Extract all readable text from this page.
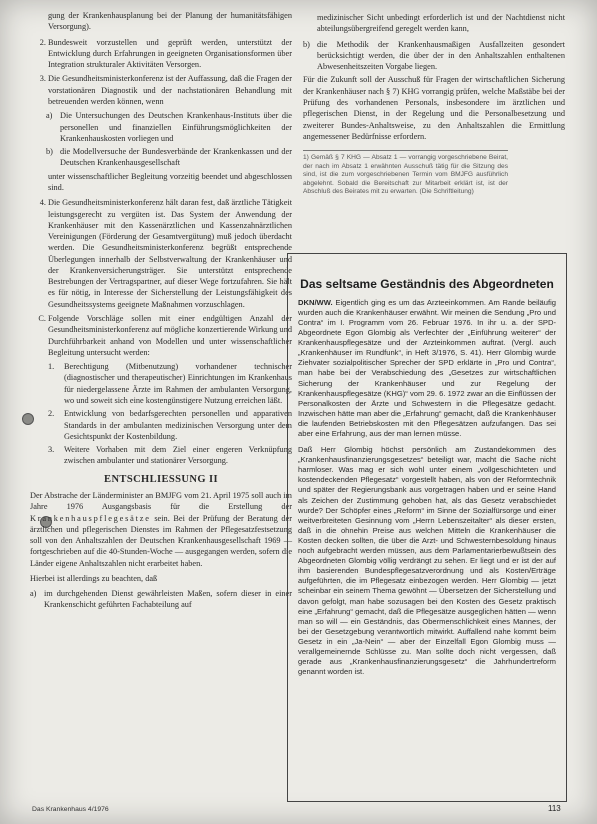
gung der Krankenhausplanung bei der Planung der humanitätsfähigen Versorgung).

2. Bundesweit vorzustellen und geprüft werden, unterstützt der Entwicklung durch Erfahrungen in geeigneten Organisationsformen über Integration strukturaler Aktivitäten Versorgen.
3. Die Gesundheitsministerkonferenz ist der Auffassung, daß die Fragen der vorstationären Diagnostik und der nachstationären Behandlung mit betreuenden werden können, wenn
a) Die Untersuchungen des Deutschen Krankenhaus-Instituts über die personellen und finanziellen Einführungsmöglichkeiten der Krankenhauskosten vorliegen und
b) die Modellversuche der Bundesverbände der Krankenkassen und der Deutschen Krankenhausgesellschaft

unter wissenschaftlicher Begleitung vorzeitig beendet und abgeschlossen sind.

4. Die Gesundheitsministerkonferenz hält daran fest, daß ärztliche Tätigkeit leistungsgerecht zu vergüten ist. Das System der Anwendung der Krankenhäuser mit den Kassenärztlichen und Kassenzahnärztlichen Vereinigungen (Förderung der Gesamtvergütung) muß jedoch überdacht werden. Die Gesundheitsministerkonferenz begrüßt entsprechende Überlegungen innerhalb der Selbstverwaltung der Krankenhäuser und der Krankenversicherungsträger. Sie unterstützt entsprechende Bestrebungen der Vertragspartner, auf dieser Wege fortzufahren. Sie hält es für nötig, in Interesse der Sicherstellung der Leistungsfähigkeit des Gesundheitssystems geeignete Maßnahmen vorzuschlagen.
C. Folgende Vorschläge sollen mit einer endgültigen Anzahl der Gesundheitsministerkonferenz auf mögliche konzertierende Wirkung und Durchführbarkeit anhand von Modellen und unter wissenschaftlicher Begleitung untersucht werden:
1. Berechtigung (Mitbenutzung) vorhandener technischer (diagnostischer und therapeutischer) Einrichtungen im Krankenhaus für niedergelassene Ärzte im Rahmen der ambulanten Versorgung, wo und soweit sich eine kostengünstigere Nutzung erreichen läßt.
2. Entwicklung von bedarfsgerechten personellen und apparativen Standards in der ambulanten medizinischen Versorgung unter dem Gesichtspunkt der Kostenbildung.
3. Weitere Vorhaben mit dem Ziel einer engeren Verknüpfung zwischen ambulanter und stationärer Versorgung.
ENTSCHLIESSUNG II

Der Abstrache der Länderminister an BMJFG vom 21. April 1975 soll auch im Jahre 1976 Ausgangsbasis für die Erstellung der Krankenhauspflegesätze sein. Bei der Prüfung der Beratung der ärztlichen und pflegerischen Dienstes im Rahmen der Pflegesatzfestsetzung soll von den Anhaltszahlen der Deutschen Krankenhausgesellschaft 1969 — fortgeschrieben auf die 40-Stunden-Woche — ausgegangen werden, sofern die Länder eigene Anhaltszahlen nicht erarbeitet haben.

Hierbei ist allerdings zu beachten, daß

a) im durchgehenden Dienst gewährleisten Maßen, sofern dieser in einer Krankenschicht geführten Fachabteilung auf

medizinischer Sicht unbedingt erforderlich ist und der Nachtdienst nicht abteilungsübergreifend geregelt werden kann,

b) die Methodik der Krankenhausmaßigen Ausfallzeiten gesondert berücksichtigt werden, die über der in den Anhaltszahlen enthaltenen Abwesenheitszeiten Vorgabe liegen.

Für die Zukunft soll der Ausschuß für Fragen der wirtschaftlichen Sicherung der Krankenhäuser nach § 7) KHG vorrangig prüfen, welche Maßstäbe bei der Prüfung des vorhandenen Personals, insbesondere im ärztlichen und pflegerischen Dienst, in der Regelung und die Personalbesetzung und zweiterer Bundes-Anhaltsweise, zu den Anhaltszahlen die Ermittlung angemessener Bedürfnisse erfordern.

1) Gemäß § 7 KHG — Absatz 1 — vorrangig vorgeschriebene Beirat, der nach im Absatz 1 erwähnten Ausschuß tätig für die Sitzung des sind, ist die zum vorgeschriebenen Termin vom BMJFG ausführlich abgelehnt. Sobald die Bereitschaft zur Mitarbeit erklärt ist, ist der Abschluß des Beirates mit zu erwarten. (Die Schriftleitung)
Das seltsame Geständnis des Abgeordneten

DKN/WW. Eigentlich ging es um das Arzteeinkommen. Am Rande beiläufig wurden auch die Krankenhäuser erwähnt. Wir meinen die Sendung „Pro und Contra“ im I. Programm vom 26. Februar 1976. In ihr u. a. der SPD-Abgeordnete Egon Glombig als Verfechter der „Einführung weiterer“ der Krankenhauspflegesätze und der Arzteinkommen auftrat. (Vergl. auch „Krankenhäuser im Rundfunk“, in Heft 3/1976, S. 41). Herr Glombig wurde Ziehvater sozialpolitischer Sprecher der SPD erklärte in „Pro und Contra“, man habe bei der Verabschiedung des „Gesetzes zur wirtschaftlichen Sicherung der Krankenhäuser und zur Regelung der Krankenhauspflegesätze (KHG)“ vom 29. 6. 1972 zwar an die Einflüssen der Personalkosten der Ärzte und Schwestern in die Pflegesätze gedacht. Inzwischen hätte man aber die „Erfahrung“ gemacht, daß die Krankenhäuser die laufenden Betriebskosten mit den Pflegesätzen aufzufangen. Das sei aber eine Erfahrung, aus der man lernen müsse.

Daß Herr Glombig höchst persönlich am Zustandekommen des „Krankenhausfinanzierungsgesetzes“ beteiligt war, macht die Sache nicht harmloser. Was mag er sich wohl unter einem „vollgeschichteten und kostendeckenden Pflegesatz“ vorgestellt haben, als von der Reformtechnik und später der Regierungsbank aus vorgetragen haben und er seine Hand als Zeichen der Zustimmung gehoben hat, als das Gesetz verabschiedet wurde? Der Schöpfer eines „Reform“ im Sinne der Sozialfürsorge und einer weitverbreiteten Gesinnung vom „Herrn Lebenszeitalter“ als dieser ersten, daß in die ohnehin Preise aus welchen Mitteln die Krankenhäuser die Kosten decken sollten, die über die Arzt- und Schwesternbesoldung hinaus noch aufgebracht werden müssen, aus dem Parlamentarierbewußtsein des Abgeordneten Glombig völlig verdrängt zu sehen. Er liegt und er ist der auf ihm basierenden Bundespflegesatzverordnung und als Kosten/Erträge aufgeführten, die im Pflegesatz einbezogen werden. Herr Glombig — jetzt scheinbar ein seinem Thema gewöhnt — Übersetzen der Sicherstellung und davon gefolgt, man habe sozusagen bei den Kosten des Gesetz praktisch eine „Erfahrung“ gemacht, daß die Pflegesätze ausgeglichen hätten — wenn man so will — ein Geständnis, das Obermenschlichkeit eines Mannes, der bei der Gesetzgebung verantwortlich mitwirkt. Auffallend nahe kommt beim Gesetz in ein „Ja-Nein“ — aber der Einzelfall Egon Glombig muss — verallgemeinernde Schlüsse zu. Man sollte doch nicht vergessen, daß gerade aus „Krankenhausfinanzierungsgesetz“ die Jahrhundertreform genannt worden ist.

Das Krankenhaus 4/1976	113
